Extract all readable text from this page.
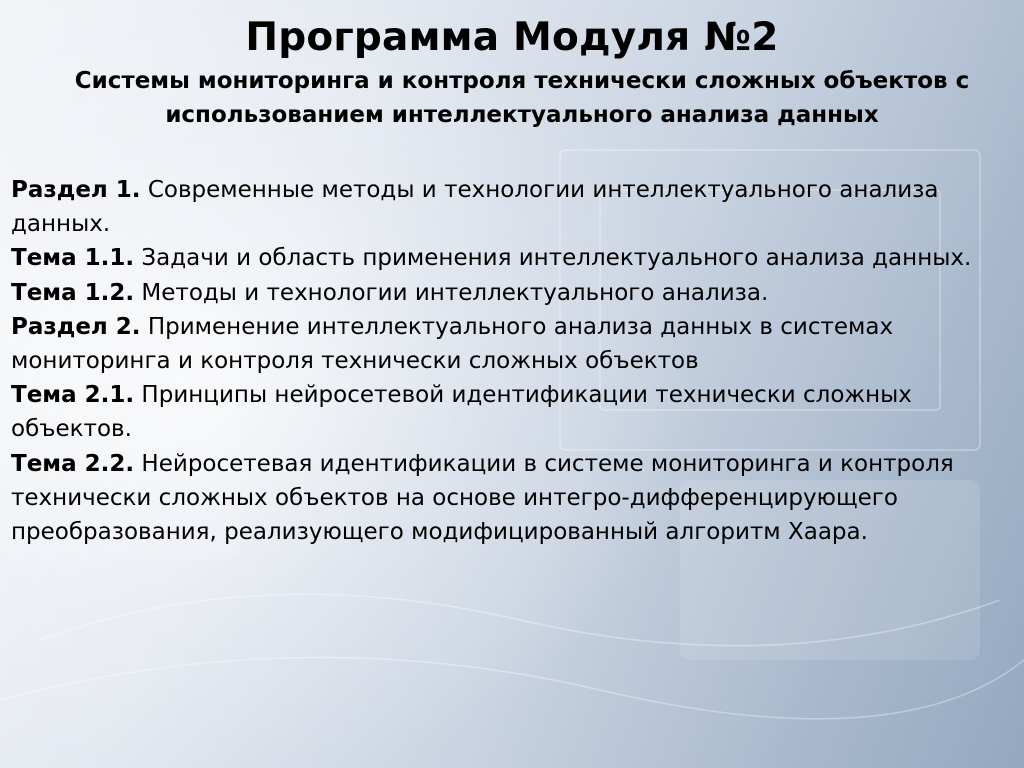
Программа Модуля №2
Системы мониторинга и контроля технически сложных объектов с использованием интеллектуального анализа данных

Раздел 1. Современные методы и технологии интеллектуального анализа данных.

Тема 1.1. Задачи и область применения интеллектуального анализа данных.

Тема 1.2. Методы и технологии интеллектуального анализа.

Раздел 2. Применение интеллектуального анализа данных в системах мониторинга и контроля технически сложных объектов

Тема 2.1. Принципы нейросетевой идентификации технически сложных объектов.

Тема 2.2. Нейросетевая идентификации в системе мониторинга и контроля технически сложных объектов на основе интегро-дифференцирующего преобразования, реализующего модифицированный алгоритм Хаара.
